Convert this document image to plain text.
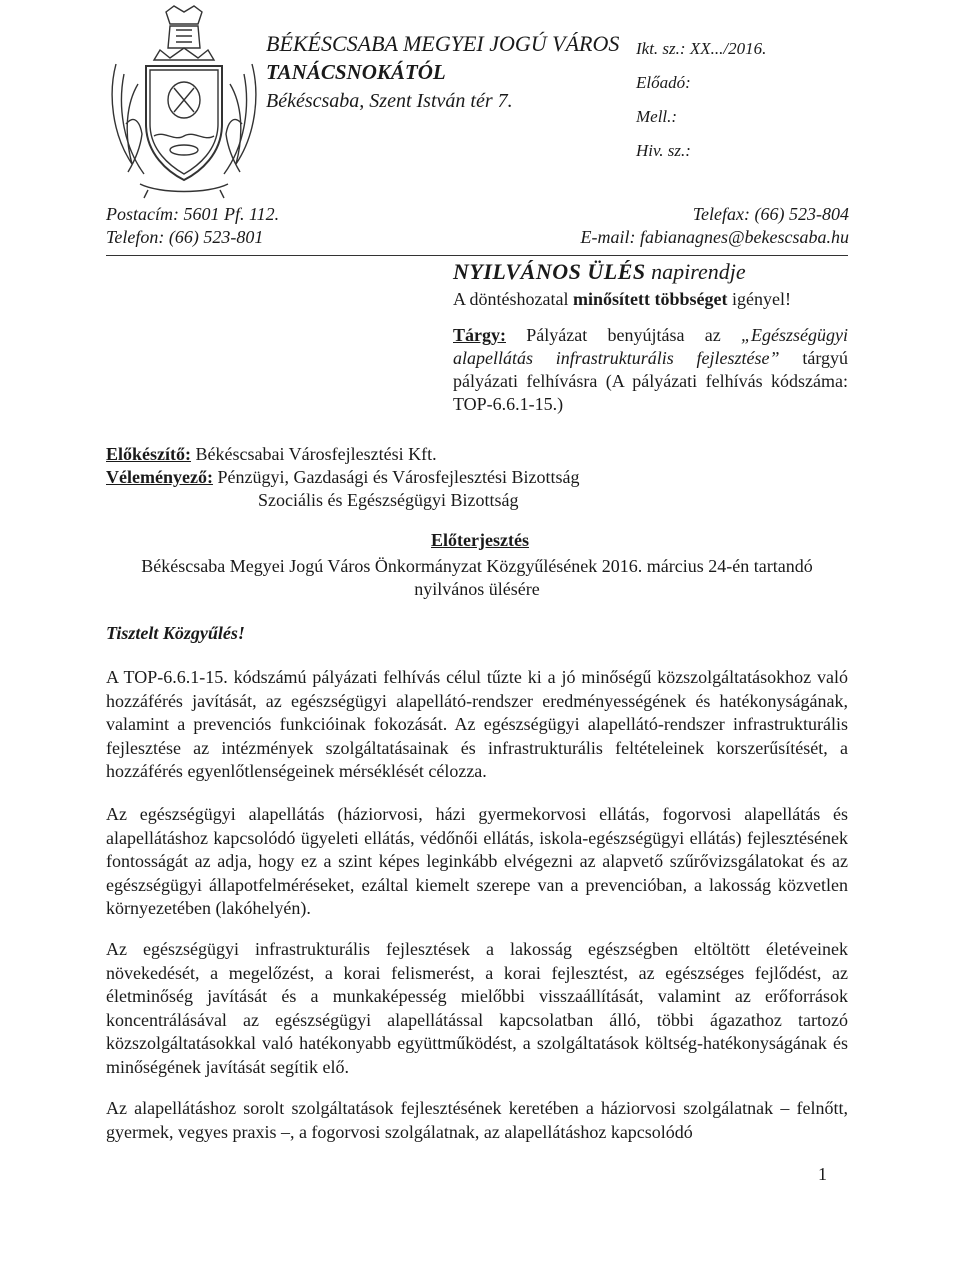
BÉKÉSCSABA MEGYEI JOGÚ VÁROS
TANÁCSNOKÁTÓL
Békéscsaba, Szent István tér 7.
Ikt. sz.: XX.../2016.
Előadó:
Mell.:
Hiv. sz.:
Postacím: 5601 Pf. 112.
Telefon: (66) 523-801
Telefax: (66) 523-804
E-mail: fabianagnes@bekescsaba.hu
NYILVÁNOS ÜLÉS napirendje
A döntéshozatal minősített többséget igényel!
Tárgy: Pályázat benyújtása az „Egészségügyi alapellátás infrastrukturális fejlesztése” tárgyú pályázati felhívásra (A pályázati felhívás kódszáma: TOP-6.6.1-15.)
Előkészítő: Békéscsabai Városfejlesztési Kft.
Véleményező: Pénzügyi, Gazdasági és Városfejlesztési Bizottság
Szociális és Egészségügyi Bizottság
Előterjesztés
Békéscsaba Megyei Jogú Város Önkormányzat Közgyűlésének 2016. március 24-én tartandó nyilvános ülésére
Tisztelt Közgyűlés!
A TOP-6.6.1-15. kódszámú pályázati felhívás célul tűzte ki a jó minőségű közszolgáltatásokhoz való hozzáférés javítását, az egészségügyi alapellátó-rendszer eredményességének és hatékonyságának, valamint a prevenciós funkcióinak fokozását. Az egészségügyi alapellátó-rendszer infrastrukturális fejlesztése az intézmények szolgáltatásainak és infrastrukturális feltételeinek korszerűsítését, a hozzáférés egyenlőtlenségeinek mérséklését célozza.
Az egészségügyi alapellátás (háziorvosi, házi gyermekorvosi ellátás, fogorvosi alapellátás és alapellátáshoz kapcsolódó ügyeleti ellátás, védőnői ellátás, iskola-egészségügyi ellátás) fejlesztésének fontosságát az adja, hogy ez a szint képes leginkább elvégezni az alapvető szűrővizsgálatokat és az egészségügyi állapotfelméréseket, ezáltal kiemelt szerepe van a prevencióban, a lakosság közvetlen környezetében (lakóhelyén).
Az egészségügyi infrastrukturális fejlesztések a lakosság egészségben eltöltött életéveinek növekedését, a megelőzést, a korai felismerést, a korai fejlesztést, az egészséges fejlődést, az életminőség javítását és a munkaképesség mielőbbi visszaállítását, valamint az erőforrások koncentrálásával az egészségügyi alapellátással kapcsolatban álló, többi ágazathoz tartozó közszolgáltatásokkal való hatékonyabb együttműködést, a szolgáltatások költség-hatékonyságának és minőségének javítását segítik elő.
Az alapellátáshoz sorolt szolgáltatások fejlesztésének keretében a háziorvosi szolgálatnak – felnőtt, gyermek, vegyes praxis –, a fogorvosi szolgálatnak, az alapellátáshoz kapcsolódó
1
